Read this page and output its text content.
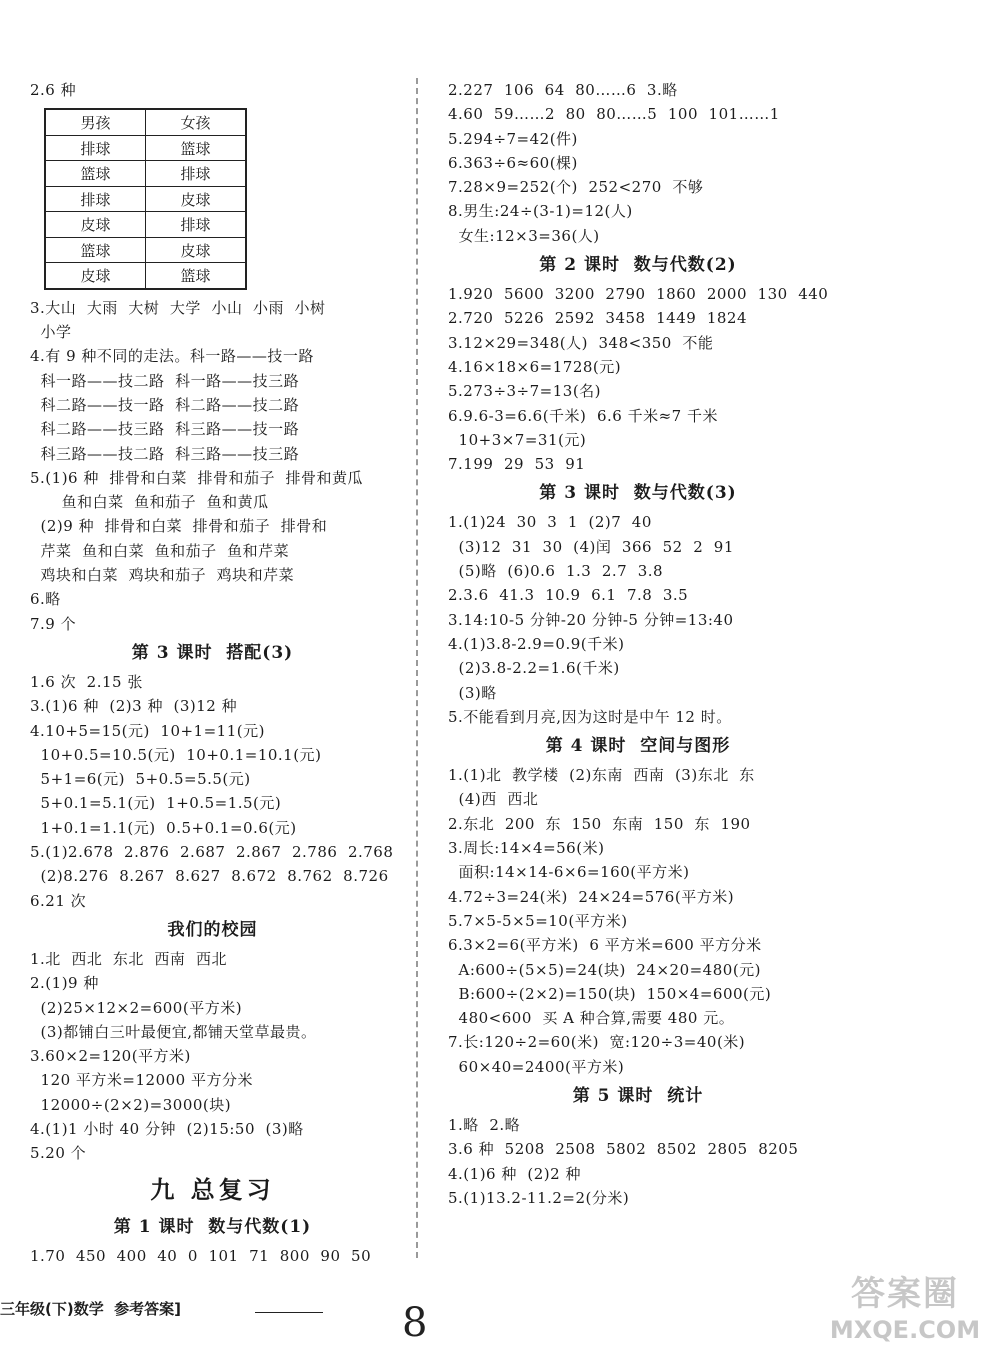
2.6 种
男孩	女孩
排球	篮球
篮球	排球
排球	皮球
皮球	排球
篮球	皮球
皮球	篮球
3.大山  大雨  大树  大学  小山  小雨  小树
小学
4.有 9 种不同的走法。科一路——技一路
科一路——技二路  科一路——技三路
科二路——技一路  科二路——技二路
科二路——技三路  科三路——技一路
科三路——技二路  科三路——技三路
5.(1)6 种  排骨和白菜  排骨和茄子  排骨和黄瓜
鱼和白菜  鱼和茄子  鱼和黄瓜
(2)9 种  排骨和白菜  排骨和茄子  排骨和
芹菜  鱼和白菜  鱼和茄子  鱼和芹菜
鸡块和白菜  鸡块和茄子  鸡块和芹菜
6.略
7.9 个
第 3 课时  搭配(3)
1.6 次  2.15 张
3.(1)6 种  (2)3 种  (3)12 种
4.10+5=15(元)  10+1=11(元)
10+0.5=10.5(元)  10+0.1=10.1(元)
5+1=6(元)  5+0.5=5.5(元)
5+0.1=5.1(元)  1+0.5=1.5(元)
1+0.1=1.1(元)  0.5+0.1=0.6(元)
5.(1)2.678  2.876  2.687  2.867  2.786  2.768
(2)8.276  8.267  8.627  8.672  8.762  8.726
6.21 次
我们的校园
1.北  西北  东北  西南  西北
2.(1)9 种
(2)25×12×2=600(平方米)
(3)都铺白三叶最便宜,都铺天堂草最贵。
3.60×2=120(平方米)
120 平方米=12000 平方分米
12000÷(2×2)=3000(块)
4.(1)1 小时 40 分钟  (2)15:50  (3)略
5.20 个
九 总复习
第 1 课时  数与代数(1)
1.70  450  400  40  0  101  71  800  90  50
2.227  106  64  80……6  3.略
4.60  59……2  80  80……5  100  101……1
5.294÷7=42(件)
6.363÷6≈60(棵)
7.28×9=252(个)  252<270  不够
8.男生:24÷(3-1)=12(人)
女生:12×3=36(人)
第 2 课时  数与代数(2)
1.920  5600  3200  2790  1860  2000  130  440
2.720  5226  2592  3458  1449  1824
3.12×29=348(人)  348<350  不能
4.16×18×6=1728(元)
5.273÷3÷7=13(名)
6.9.6-3=6.6(千米)  6.6 千米≈7 千米
10+3×7=31(元)
7.199  29  53  91
第 3 课时  数与代数(3)
1.(1)24  30  3  1  (2)7  40
(3)12  31  30  (4)闰  366  52  2  91
(5)略  (6)0.6  1.3  2.7  3.8
2.3.6  41.3  10.9  6.1  7.8  3.5
3.14:10-5 分钟-20 分钟-5 分钟=13:40
4.(1)3.8-2.9=0.9(千米)
(2)3.8-2.2=1.6(千米)
(3)略
5.不能看到月亮,因为这时是中午 12 时。
第 4 课时  空间与图形
1.(1)北  教学楼  (2)东南  西南  (3)东北  东
(4)西  西北
2.东北  200  东  150  东南  150  东  190
3.周长:14×4=56(米)
面积:14×14-6×6=160(平方米)
4.72÷3=24(米)  24×24=576(平方米)
5.7×5-5×5=10(平方米)
6.3×2=6(平方米)  6 平方米=600 平方分米
A:600÷(5×5)=24(块)  24×20=480(元)
B:600÷(2×2)=150(块)  150×4=600(元)
480<600  买 A 种合算,需要 480 元。
7.长:120÷2=60(米)  宽:120÷3=40(米)
60×40=2400(平方米)
第 5 课时  统计
1.略  2.略
3.6 种  5208  2508  5802  8502  2805  8205
4.(1)6 种  (2)2 种
5.(1)13.2-11.2=2(分米)
三年级(下)数学  参考答案]	8
答案圈
MXQE.COM
